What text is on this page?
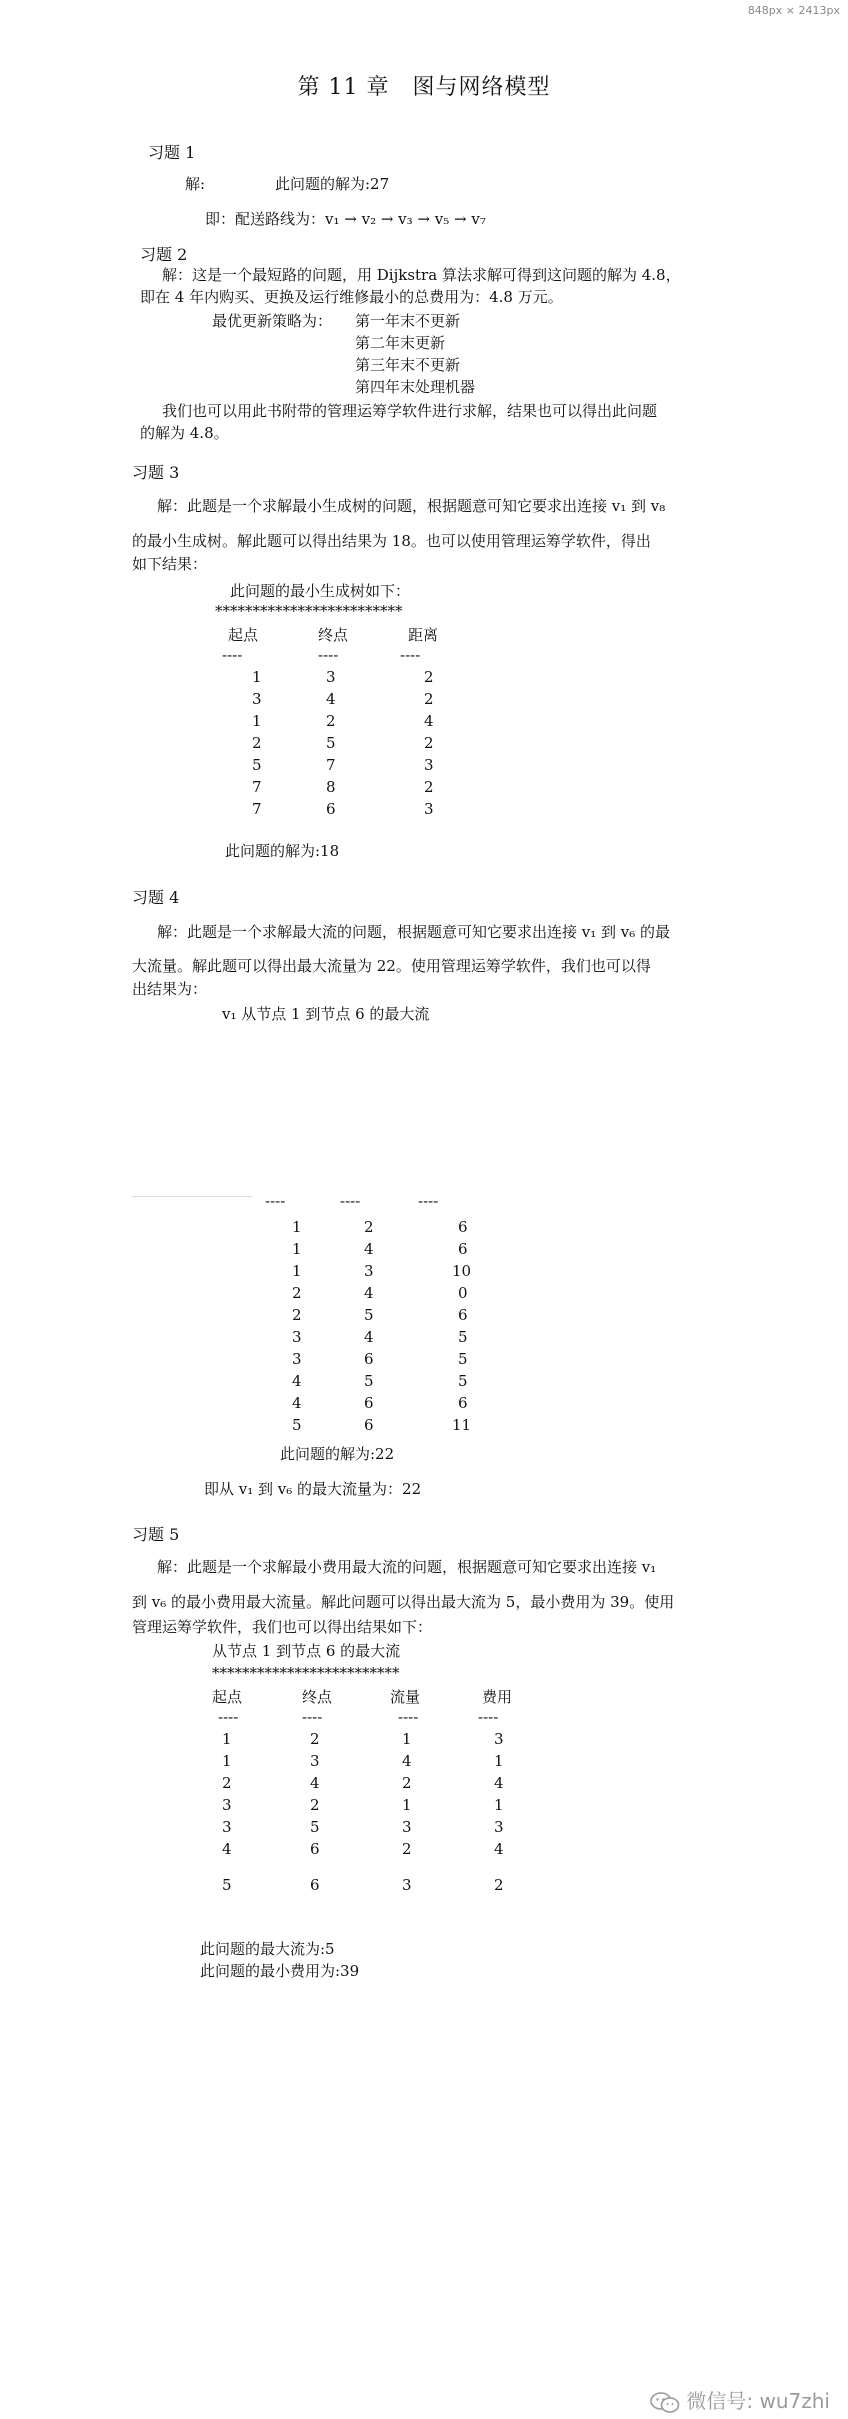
848px × 2413px
第 11 章　图与网络模型
习题 1
解:	此问题的解为:27
即：配送路线为：v₁ → v₂ → v₃ → v₅ → v₇
习题 2
解：这是一个最短路的问题，用 Dijkstra 算法求解可得到这问题的解为 4.8，
即在 4 年内购买、更换及运行维修最小的总费用为：4.8 万元。
最优更新策略为： 第一年末不更新
第二年末更新
第三年末不更新
第四年末处理机器
我们也可以用此书附带的管理运筹学软件进行求解，结果也可以得出此问题
的解为 4.8。
习题 3
解：此题是一个求解最小生成树的问题，根据题意可知它要求出连接 v₁ 到 v₈
的最小生成树。解此题可以得出结果为 18。也可以使用管理运筹学软件，得出
如下结果：
此问题的最小生成树如下：
*************************
起点	终点	距离
----	----	----
1	3	2
3	4	2
1	2	4
2	5	2
5	7	3
7	8	2
7	6	3
此问题的解为:18
习题 4
解：此题是一个求解最大流的问题，根据题意可知它要求出连接 v₁ 到 v₆ 的最
大流量。解此题可以得出最大流量为 22。使用管理运筹学软件，我们也可以得
出结果为：
v₁ 从节点 1 到节点 6 的最大流
----	----	----
1	2	6
1	4	6
1	3	10
2	4	0
2	5	6
3	4	5
3	6	5
4	5	5
4	6	6
5	6	11
此问题的解为:22
即从 v₁ 到 v₆ 的最大流量为：22
习题 5
解：此题是一个求解最小费用最大流的问题，根据题意可知它要求出连接 v₁
到 v₆ 的最小费用最大流量。解此问题可以得出最大流为 5，最小费用为 39。使用
管理运筹学软件，我们也可以得出结果如下：
从节点 1 到节点 6 的最大流
*************************
起点	终点	流量	费用
----	----	----	----
1	2	1	3
1	3	4	1
2	4	2	4
3	2	1	1
3	5	3	3
4	6	2	4
5	6	3	2
此问题的最大流为:5
此问题的最小费用为:39
微信号: wu7zhi
